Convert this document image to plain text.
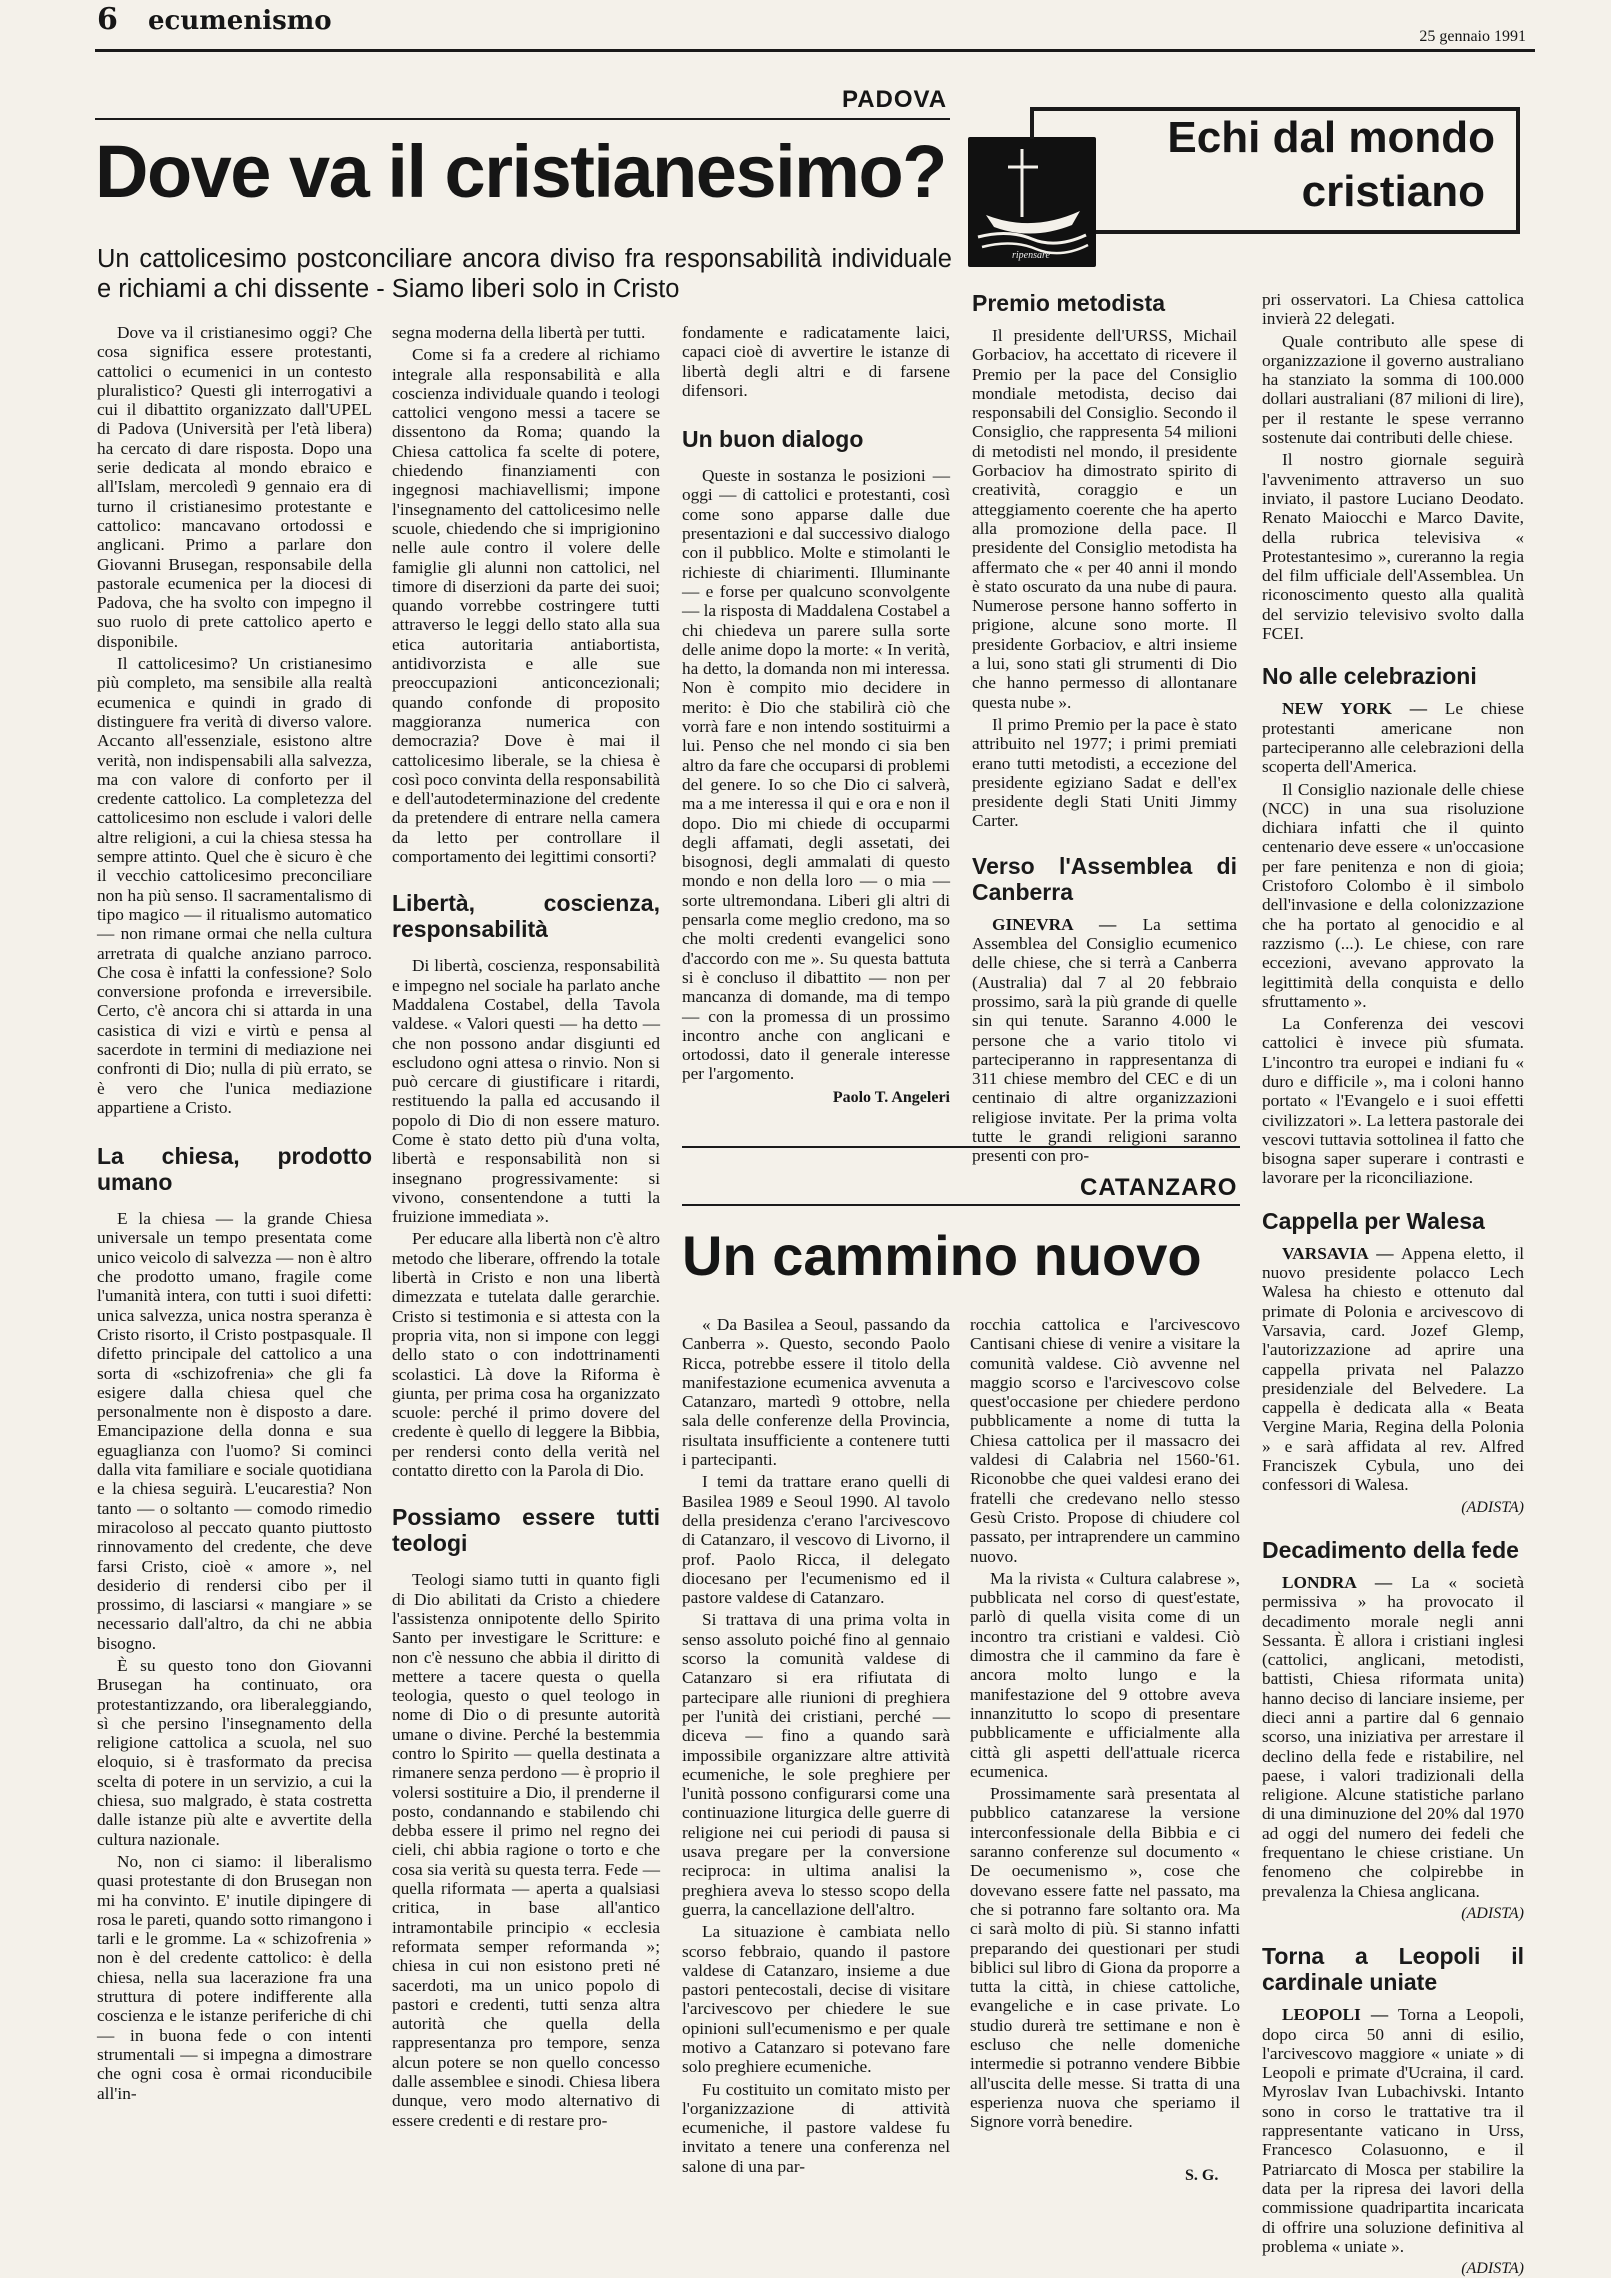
6 ecumenismo
25 gennaio 1991
PADOVA
Dove va il cristianesimo?
Un cattolicesimo postconciliare ancora diviso fra responsabilità individuale e richiami a chi dissente - Siamo liberi solo in Cristo

Dove va il cristianesimo oggi? Che cosa significa essere protestanti, cattolici o ecumenici in un contesto pluralistico? Questi gli interrogativi a cui il dibattito organizzato dall'UPEL di Padova (Università per l'età libera) ha cercato di dare risposta. Dopo una serie dedicata al mondo ebraico e all'Islam, mercoledì 9 gennaio era di turno il cristianesimo protestante e cattolico: mancavano ortodossi e anglicani. Primo a parlare don Giovanni Brusegan, responsabile della pastorale ecumenica per la diocesi di Padova, che ha svolto con impegno il suo ruolo di prete cattolico aperto e disponibile.

Il cattolicesimo? Un cristianesimo più completo, ma sensibile alla realtà ecumenica e quindi in grado di distinguere fra verità di diverso valore. Accanto all'essenziale, esistono altre verità, non indispensabili alla salvezza, ma con valore di conforto per il credente cattolico. La completezza del cattolicesimo non esclude i valori delle altre religioni, a cui la chiesa stessa ha sempre attinto. Quel che è sicuro è che il vecchio cattolicesimo preconciliare non ha più senso. Il sacramentalismo di tipo magico — il ritualismo automatico — non rimane ormai che nella cultura arretrata di qualche anziano parroco. Che cosa è infatti la confessione? Solo conversione profonda e irreversibile. Certo, c'è ancora chi si attarda in una casistica di vizi e virtù e pensa al sacerdote in termini di mediazione nei confronti di Dio; nulla di più errato, se è vero che l'unica mediazione appartiene a Cristo.

La chiesa, prodotto umano

E la chiesa — la grande Chiesa universale un tempo presentata come unico veicolo di salvezza — non è altro che prodotto umano, fragile come l'umanità intera, con tutti i suoi difetti: unica salvezza, unica nostra speranza è Cristo risorto, il Cristo postpasquale. Il difetto principale del cattolico a una sorta di «schizofrenia» che gli fa esigere dalla chiesa quel che personalmente non è disposto a dare. Emancipazione della donna e sua eguaglianza con l'uomo? Si cominci dalla vita familiare e sociale quotidiana e la chiesa seguirà. L'eucarestia? Non tanto — o soltanto — comodo rimedio miracoloso al peccato quanto piuttosto rinnovamento del credente, che deve farsi Cristo, cioè « amore », nel desiderio di rendersi cibo per il prossimo, di lasciarsi « mangiare » se necessario dall'altro, da chi ne abbia bisogno.

È su questo tono don Giovanni Brusegan ha continuato, ora protestantizzando, ora liberaleggiando, sì che persino l'insegnamento della religione cattolica a scuola, nel suo eloquio, si è trasformato da precisa scelta di potere in un servizio, a cui la chiesa, suo malgrado, è stata costretta dalle istanze più alte e avvertite della cultura nazionale.

No, non ci siamo: il liberalismo quasi protestante di don Brusegan non mi ha convinto. E' inutile dipingere di rosa le pareti, quando sotto rimangono i tarli e le gromme. La « schizofrenia » non è del credente cattolico: è della chiesa, nella sua lacerazione fra una struttura di potere indifferente alla coscienza e le istanze periferiche di chi — in buona fede o con intenti strumentali — si impegna a dimostrare che ogni cosa è ormai riconducibile all'in-

segna moderna della libertà per tutti.

Come si fa a credere al richiamo integrale alla responsabilità e alla coscienza individuale quando i teologi cattolici vengono messi a tacere se dissentono da Roma; quando la Chiesa cattolica fa scelte di potere, chiedendo finanziamenti con ingegnosi machiavellismi; impone l'insegnamento del cattolicesimo nelle scuole, chiedendo che si imprigionino nelle aule contro il volere delle famiglie gli alunni non cattolici, nel timore di diserzioni da parte dei suoi; quando vorrebbe costringere tutti attraverso le leggi dello stato alla sua etica autoritaria antiabortista, antidivorzista e alle sue preoccupazioni anticoncezionali; quando confonde di proposito maggioranza numerica con democrazia? Dove è mai il cattolicesimo liberale, se la chiesa è così poco convinta della responsabilità e dell'autodeterminazione del credente da pretendere di entrare nella camera da letto per controllare il comportamento dei legittimi consorti?

Libertà, coscienza, responsabilità

Di libertà, coscienza, responsabilità e impegno nel sociale ha parlato anche Maddalena Costabel, della Tavola valdese. « Valori questi — ha detto — che non possono andar disgiunti ed escludono ogni attesa o rinvio. Non si può cercare di giustificare i ritardi, restituendo la palla ed accusando il popolo di Dio di non essere maturo. Come è stato detto più d'una volta, libertà e responsabilità non si insegnano progressivamente: si vivono, consentendone a tutti la fruizione immediata ».

Per educare alla libertà non c'è altro metodo che liberare, offrendo la totale libertà in Cristo e non una libertà dimezzata e tutelata dalle gerarchie. Cristo si testimonia e si attesta con la propria vita, non si impone con leggi dello stato o con indottrinamenti scolastici. Là dove la Riforma è giunta, per prima cosa ha organizzato scuole: perché il primo dovere del credente è quello di leggere la Bibbia, per rendersi conto della verità nel contatto diretto con la Parola di Dio.

Possiamo essere tutti teologi

Teologi siamo tutti in quanto figli di Dio abilitati da Cristo a chiedere l'assistenza onnipotente dello Spirito Santo per investigare le Scritture: e non c'è nessuno che abbia il diritto di mettere a tacere questa o quella teologia, questo o quel teologo in nome di Dio o di presunte autorità umane o divine. Perché la bestemmia contro lo Spirito — quella destinata a rimanere senza perdono — è proprio il volersi sostituire a Dio, il prenderne il posto, condannando e stabilendo chi debba essere il primo nel regno dei cieli, chi abbia ragione o torto e che cosa sia verità su questa terra. Fede — quella riformata — aperta a qualsiasi critica, in base all'antico intramontabile principio « ecclesia reformata semper reformanda »; chiesa in cui non esistono preti né sacerdoti, ma un unico popolo di pastori e credenti, tutti senza altra autorità che quella della rappresentanza pro tempore, senza alcun potere se non quello concesso dalle assemblee e sinodi. Chiesa libera dunque, vero modo alternativo di essere credenti e di restare pro-

fondamente e radicatamente laici, capaci cioè di avvertire le istanze di libertà degli altri e di farsene difensori.

Un buon dialogo

Queste in sostanza le posizioni — oggi — di cattolici e protestanti, così come sono apparse dalle due presentazioni e dal successivo dialogo con il pubblico. Molte e stimolanti le richieste di chiarimenti. Illuminante — e forse per qualcuno sconvolgente — la risposta di Maddalena Costabel a chi chiedeva un parere sulla sorte delle anime dopo la morte: « In verità, ha detto, la domanda non mi interessa. Non è compito mio decidere in merito: è Dio che stabilirà ciò che vorrà fare e non intendo sostituirmi a lui. Penso che nel mondo ci sia ben altro da fare che occuparsi di problemi del genere. Io so che Dio ci salverà, ma a me interessa il qui e ora e non il dopo. Dio mi chiede di occuparmi degli affamati, degli assetati, dei bisognosi, degli ammalati di questo mondo e non della loro — o mia — sorte ultremondana. Liberi gli altri di pensarla come meglio credono, ma so che molti credenti evangelici sono d'accordo con me ». Su questa battuta si è concluso il dibattito — non per mancanza di domande, ma di tempo — con la promessa di un prossimo incontro anche con anglicani e ortodossi, dato il generale interesse per l'argomento.

Paolo T. Angeleri
CATANZARO
Un cammino nuovo

« Da Basilea a Seoul, passando da Canberra ». Questo, secondo Paolo Ricca, potrebbe essere il titolo della manifestazione ecumenica avvenuta a Catanzaro, martedì 9 ottobre, nella sala delle conferenze della Provincia, risultata insufficiente a contenere tutti i partecipanti.

I temi da trattare erano quelli di Basilea 1989 e Seoul 1990. Al tavolo della presidenza c'erano l'arcivescovo di Catanzaro, il vescovo di Livorno, il prof. Paolo Ricca, il delegato diocesano per l'ecumenismo ed il pastore valdese di Catanzaro.

Si trattava di una prima volta in senso assoluto poiché fino al gennaio scorso la comunità valdese di Catanzaro si era rifiutata di partecipare alle riunioni di preghiera per l'unità dei cristiani, perché — diceva — fino a quando sarà impossibile organizzare altre attività ecumeniche, le sole preghiere per l'unità possono configurarsi come una continuazione liturgica delle guerre di religione nei cui periodi di pausa si usava pregare per la conversione reciproca: in ultima analisi la preghiera aveva lo stesso scopo della guerra, la cancellazione dell'altro.

La situazione è cambiata nello scorso febbraio, quando il pastore valdese di Catanzaro, insieme a due pastori pentecostali, decise di visitare l'arcivescovo per chiedere le sue opinioni sull'ecumenismo e per quale motivo a Catanzaro si potevano fare solo preghiere ecumeniche.

Fu costituito un comitato misto per l'organizzazione di attività ecumeniche, il pastore valdese fu invitato a tenere una conferenza nel salone di una par-

rocchia cattolica e l'arcivescovo Cantisani chiese di venire a visitare la comunità valdese. Ciò avvenne nel maggio scorso e l'arcivescovo colse quest'occasione per chiedere perdono pubblicamente a nome di tutta la Chiesa cattolica per il massacro dei valdesi di Calabria nel 1560-'61. Riconobbe che quei valdesi erano dei fratelli che credevano nello stesso Gesù Cristo. Propose di chiudere col passato, per intraprendere un cammino nuovo.

Ma la rivista « Cultura calabrese », pubblicata nel corso di quest'estate, parlò di quella visita come di un incontro tra cristiani e valdesi. Ciò dimostra che il cammino da fare è ancora molto lungo e la manifestazione del 9 ottobre aveva innanzitutto lo scopo di presentare pubblicamente e ufficialmente alla città gli aspetti dell'attuale ricerca ecumenica.

Prossimamente sarà presentata al pubblico catanzarese la versione interconfessionale della Bibbia e ci saranno conferenze sul documento « De oecumenismo », cose che dovevano essere fatte nel passato, ma che si potranno fare soltanto ora. Ma ci sarà molto di più. Si stanno infatti preparando dei questionari per studi biblici sul libro di Giona da proporre a tutta la città, in chiese cattoliche, evangeliche e in case private. Lo studio durerà tre settimane e non è escluso che nelle domeniche intermedie si potranno vendere Bibbie all'uscita delle messe. Si tratta di una esperienza nuova che speriamo il Signore vorrà benedire.

S. G.
ripensare
Echi dal mondo
cristiano
Premio metodista

Il presidente dell'URSS, Michail Gorbaciov, ha accettato di ricevere il Premio per la pace del Consiglio mondiale metodista, deciso dai responsabili del Consiglio. Secondo il Consiglio, che rappresenta 54 milioni di metodisti nel mondo, il presidente Gorbaciov ha dimostrato spirito di creatività, coraggio e un atteggiamento coerente che ha aperto alla promozione della pace. Il presidente del Consiglio metodista ha affermato che « per 40 anni il mondo è stato oscurato da una nube di paura. Numerose persone hanno sofferto in prigione, alcune sono morte. Il presidente Gorbaciov, e altri insieme a lui, sono stati gli strumenti di Dio che hanno permesso di allontanare questa nube ».

Il primo Premio per la pace è stato attribuito nel 1977; i primi premiati erano tutti metodisti, a eccezione del presidente egiziano Sadat e dell'ex presidente degli Stati Uniti Jimmy Carter.

Verso l'Assemblea di Canberra

GINEVRA — La settima Assemblea del Consiglio ecumenico delle chiese, che si terrà a Canberra (Australia) dal 7 al 20 febbraio prossimo, sarà la più grande di quelle sin qui tenute. Saranno 4.000 le persone che a vario titolo vi parteciperanno in rappresentanza di 311 chiese membro del CEC e di un centinaio di altre organizzazioni religiose invitate. Per la prima volta tutte le grandi religioni saranno presenti con pro-

pri osservatori. La Chiesa cattolica invierà 22 delegati.

Quale contributo alle spese di organizzazione il governo australiano ha stanziato la somma di 100.000 dollari australiani (87 milioni di lire), per il restante le spese verranno sostenute dai contributi delle chiese.

Il nostro giornale seguirà l'avvenimento attraverso un suo inviato, il pastore Luciano Deodato. Renato Maiocchi e Marco Davite, della rubrica televisiva « Protestantesimo », cureranno la regia del film ufficiale dell'Assemblea. Un riconoscimento questo alla qualità del servizio televisivo svolto dalla FCEI.

No alle celebrazioni

NEW YORK — Le chiese protestanti americane non parteciperanno alle celebrazioni della scoperta dell'America.

Il Consiglio nazionale delle chiese (NCC) in una sua risoluzione dichiara infatti che il quinto centenario deve essere « un'occasione per fare penitenza e non di gioia; Cristoforo Colombo è il simbolo dell'invasione e della colonizzazione che ha portato al genocidio e al razzismo (...). Le chiese, con rare eccezioni, avevano approvato la legittimità della conquista e dello sfruttamento ».

La Conferenza dei vescovi cattolici è invece più sfumata. L'incontro tra europei e indiani fu « duro e difficile », ma i coloni hanno portato « l'Evangelo e i suoi effetti civilizzatori ». La lettera pastorale dei vescovi tuttavia sottolinea il fatto che bisogna saper superare i contrasti e lavorare per la riconciliazione.

Cappella per Walesa

VARSAVIA — Appena eletto, il nuovo presidente polacco Lech Walesa ha chiesto e ottenuto dal primate di Polonia e arcivescovo di Varsavia, card. Jozef Glemp, l'autorizzazione ad aprire una cappella privata nel Palazzo presidenziale del Belvedere. La cappella è dedicata alla « Beata Vergine Maria, Regina della Polonia » e sarà affidata al rev. Alfred Franciszek Cybula, uno dei confessori di Walesa.

(ADISTA)
Decadimento della fede

LONDRA — La « società permissiva » ha provocato il decadimento morale negli anni Sessanta. È allora i cristiani inglesi (cattolici, anglicani, metodisti, battisti, Chiesa riformata unita) hanno deciso di lanciare insieme, per dieci anni a partire dal 6 gennaio scorso, una iniziativa per arrestare il declino della fede e ristabilire, nel paese, i valori tradizionali della religione. Alcune statistiche parlano di una diminuzione del 20% dal 1970 ad oggi del numero dei fedeli che frequentano le chiese cristiane. Un fenomeno che colpirebbe in prevalenza la Chiesa anglicana.

(ADISTA)
Torna a Leopoli il cardinale uniate

LEOPOLI — Torna a Leopoli, dopo circa 50 anni di esilio, l'arcivescovo maggiore « uniate » di Leopoli e primate d'Ucraina, il card. Myroslav Ivan Lubachivski. Intanto sono in corso le trattative tra il rappresentante vaticano in Urss, Francesco Colasuonno, e il Patriarcato di Mosca per stabilire la data per la ripresa dei lavori della commissione quadripartita incaricata di offrire una soluzione definitiva al problema « uniate ».

(ADISTA)
